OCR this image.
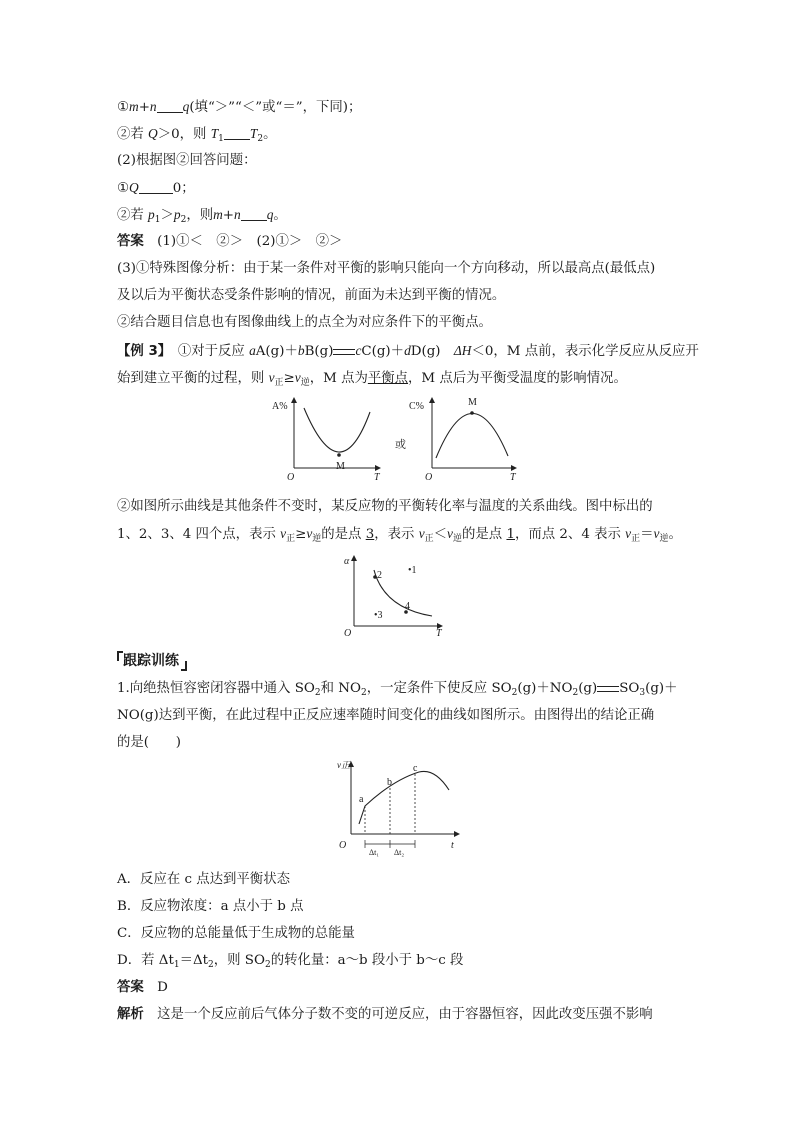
①m+n q(填“＞”“＜”或“＝”，下同)；
②若 Q＞0，则 $T_1$ $T_2$。
(2)根据图②回答问题：
①Q	0；
②若 $p_1>p_2$，则m+n q。
答案　 (1)①＜　②＞　(2)①＞　②＞
(3)①特殊图像分析：由于某一条件对平衡的影响只能向一个方向移动，所以最高点(最低点)
及以后为平衡状态受条件影响的情况，前面为未达到平衡的情况。
②结合题目信息也有图像曲线上的点全为对应条件下的平衡点。
【例 3】　 ①对于反应 aA(g)＋bB(g) cC(g)＋dD(g)　 ΔH＜0，M 点前，表示化学反应从反应开
始到建立平衡的过程，则 $v_正\ge v_逆$，M 点为平衡点，M 点后为平衡受温度的影响情况。
A%
O	T
M
或
C%
O	T
M
②如图所示曲线是其他条件不变时，某反应物的平衡转化率与温度的关系曲线。图中标出的
1、2、3、4 四个点，表示 $v_正\ge v_逆$的是点 3，表示 $v_正<v_逆$的是点 1，而点 2、4 表示 $v_正=v_逆$。
α
O	T
•1
2
•3
4
跟踪训练
1.向绝热恒容密闭容器中通入 $SO_2$和 $NO_2$，一定条件下使反应 $SO_2(g)+NO_2(g)$ $SO_3(g)+$
NO(g)达到平衡，在此过程中正反应速率随时间变化的曲线如图所示。由图得出的结论正确
的是(　　)
v正
O	t
a
b
c
Δt₁ Δt₂
A．反应在 c 点达到平衡状态
B．反应物浓度：a 点小于 b 点
C．反应物的总能量低于生成物的总能量
D．若 $\Delta t_1=\Delta t_2$，则 $SO_2$的转化量：a～b 段小于 b～c 段
答案　 D
解析　 这是一个反应前后气体分子数不变的可逆反应，由于容器恒容，因此改变压强不影响
